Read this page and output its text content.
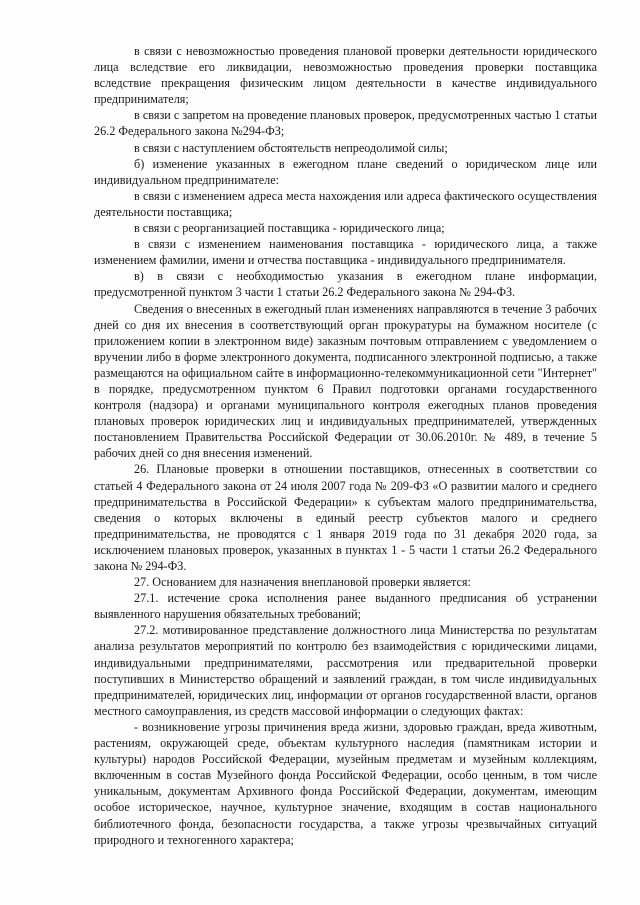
в связи с невозможностью проведения плановой проверки деятельности юридического лица вследствие его ликвидации, невозможностью проведения проверки поставщика вследствие прекращения физическим лицом деятельности в качестве индивидуального предпринимателя;

в связи с запретом на проведение плановых проверок, предусмотренных частью 1 статьи 26.2 Федерального закона №294-ФЗ;

в связи с наступлением обстоятельств непреодолимой силы;

б) изменение указанных в ежегодном плане сведений о юридическом лице или индивидуальном предпринимателе:

в связи с изменением адреса места нахождения или адреса фактического осуществления деятельности поставщика;

в связи с реорганизацией поставщика - юридического лица;

в связи с изменением наименования поставщика - юридического лица, а также изменением фамилии, имени и отчества поставщика - индивидуального предпринимателя.

в) в связи с необходимостью указания в ежегодном плане информации, предусмотренной пунктом 3 части 1 статьи 26.2 Федерального закона № 294-ФЗ.

Сведения о внесенных в ежегодный план изменениях направляются в течение 3 рабочих дней со дня их внесения в соответствующий орган прокуратуры на бумажном носителе (с приложением копии в электронном виде) заказным почтовым отправлением с уведомлением о вручении либо в форме электронного документа, подписанного электронной подписью, а также размещаются на официальном сайте в информационно-телекоммуникационной сети "Интернет" в порядке, предусмотренном пунктом 6 Правил подготовки органами государственного контроля (надзора) и органами муниципального контроля ежегодных планов проведения плановых проверок юридических лиц и индивидуальных предпринимателей, утвержденных постановлением Правительства Российской Федерации от 30.06.2010г. № 489, в течение 5 рабочих дней со дня внесения изменений.

26. Плановые проверки в отношении поставщиков, отнесенных в соответствии со статьей 4 Федерального закона от 24 июля 2007 года № 209-ФЗ «О развитии малого и среднего предпринимательства в Российской Федерации» к субъектам малого предпринимательства, сведения о которых включены в единый реестр субъектов малого и среднего предпринимательства, не проводятся с 1 января 2019 года по 31 декабря 2020 года, за исключением плановых проверок, указанных в пунктах 1 - 5 части 1 статьи 26.2 Федерального закона № 294-ФЗ.

27. Основанием для назначения внеплановой проверки является:

27.1. истечение срока исполнения ранее выданного предписания об устранении выявленного нарушения обязательных требований;

27.2. мотивированное представление должностного лица Министерства по результатам анализа результатов мероприятий по контролю без взаимодействия с юридическими лицами, индивидуальными предпринимателями, рассмотрения или предварительной проверки поступивших в Министерство обращений и заявлений граждан, в том числе индивидуальных предпринимателей, юридических лиц, информации от органов государственной власти, органов местного самоуправления, из средств массовой информации о следующих фактах:

- возникновение угрозы причинения вреда жизни, здоровью граждан, вреда животным, растениям, окружающей среде, объектам культурного наследия (памятникам истории и культуры) народов Российской Федерации, музейным предметам и музейным коллекциям, включенным в состав Музейного фонда Российской Федерации, особо ценным, в том числе уникальным, документам Архивного фонда Российской Федерации, документам, имеющим особое историческое, научное, культурное значение, входящим в состав национального библиотечного фонда, безопасности государства, а также угрозы чрезвычайных ситуаций природного и техногенного характера;
